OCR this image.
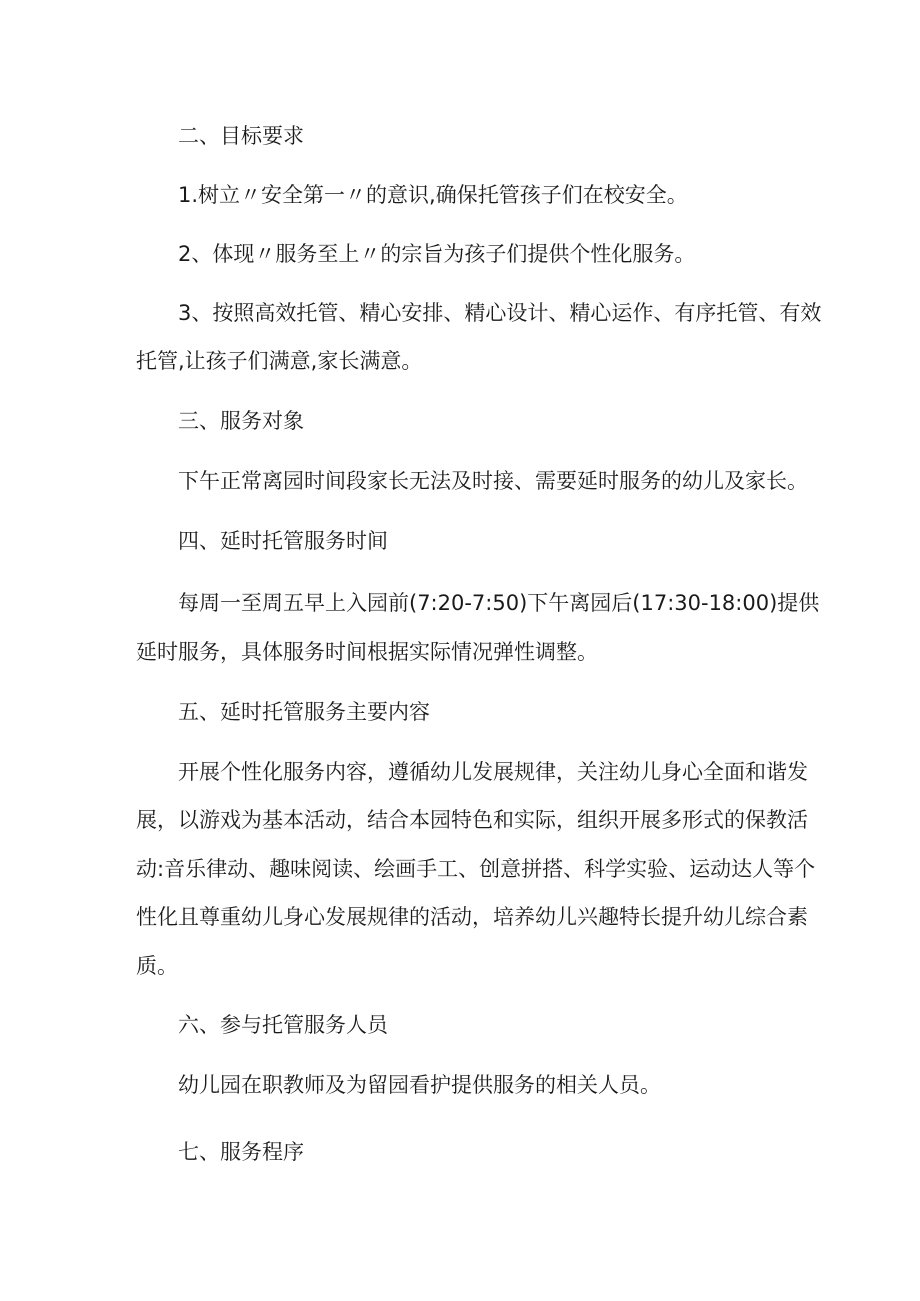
二、目标要求
1.树立〃安全第一〃的意识,确保托管孩子们在校安全。
2、体现〃服务至上〃的宗旨为孩子们提供个性化服务。
3、按照高效托管、精心安排、精心设计、精心运作、有序托管、有效
托管,让孩子们满意,家长满意。
三、服务对象
下午正常离园时间段家长无法及时接、需要延时服务的幼儿及家长。
四、延时托管服务时间
每周一至周五早上入园前(7:20-7:50)下午离园后(17:30-18:00)提供
延时服务，具体服务时间根据实际情况弹性调整。
五、延时托管服务主要内容
开展个性化服务内容，遵循幼儿发展规律，关注幼儿身心全面和谐发
展，以游戏为基本活动，结合本园特色和实际，组织开展多形式的保教活
动:音乐律动、趣味阅读、绘画手工、创意拼搭、科学实验、运动达人等个
性化且尊重幼儿身心发展规律的活动，培养幼儿兴趣特长提升幼儿综合素
质。
六、参与托管服务人员
幼儿园在职教师及为留园看护提供服务的相关人员。
七、服务程序
